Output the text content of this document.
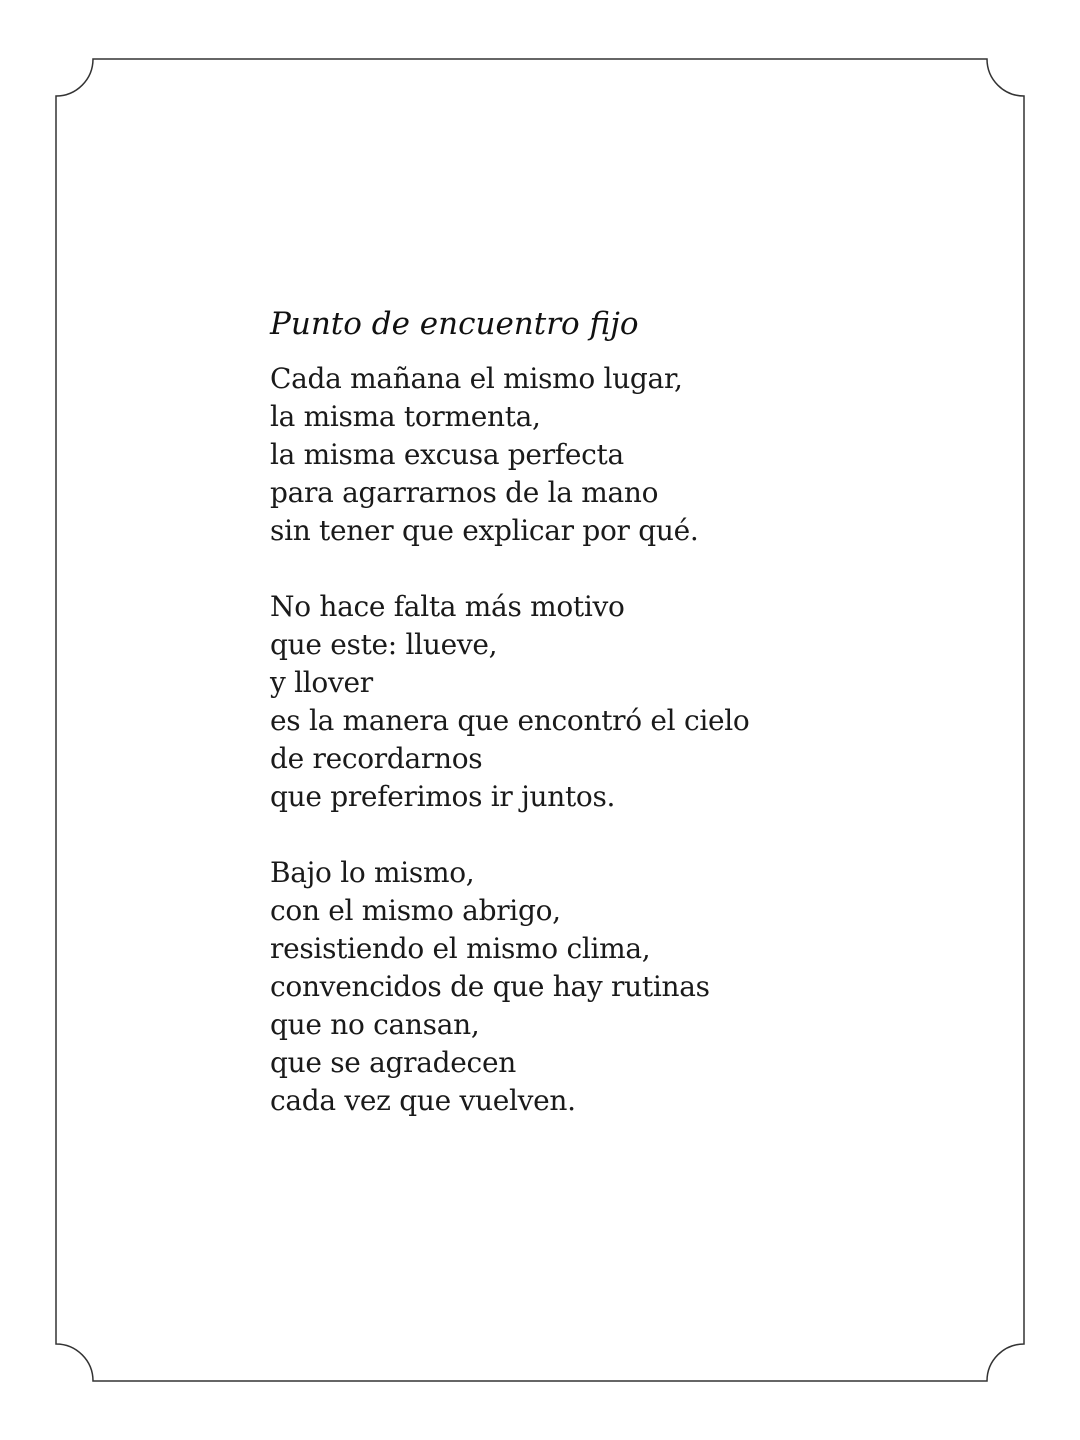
Punto de encuentro fijo
Cada mañana el mismo lugar,
la misma tormenta,
la misma excusa perfecta
para agarrarnos de la mano
sin tener que explicar por qué.
No hace falta más motivo
que este: llueve,
y llover
es la manera que encontró el cielo
de recordarnos
que preferimos ir juntos.
Bajo lo mismo,
con el mismo abrigo,
resistiendo el mismo clima,
convencidos de que hay rutinas
que no cansan,
que se agradecen
cada vez que vuelven.
